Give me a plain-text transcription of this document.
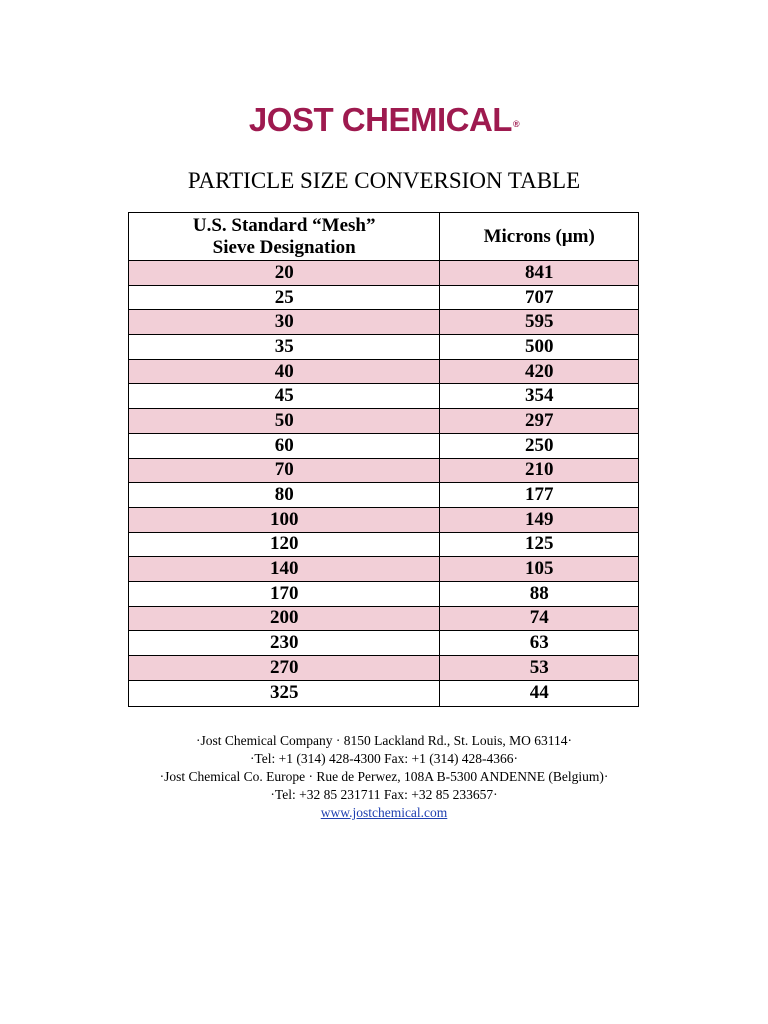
JOST CHEMICAL®
PARTICLE SIZE CONVERSION TABLE
U.S. Standard “Mesh”
Sieve Designation	Microns (μm)
20	841
25	707
30	595
35	500
40	420
45	354
50	297
60	250
70	210
80	177
100	149
120	125
140	105
170	88
200	74
230	63
270	53
325	44
·Jost Chemical Company · 8150 Lackland Rd., St. Louis, MO 63114·
·Tel: +1 (314) 428-4300 Fax: +1 (314) 428-4366·
·Jost Chemical Co. Europe · Rue de Perwez, 108A B-5300 ANDENNE (Belgium)·
·Tel: +32 85 231711 Fax: +32 85 233657·
www.jostchemical.com
